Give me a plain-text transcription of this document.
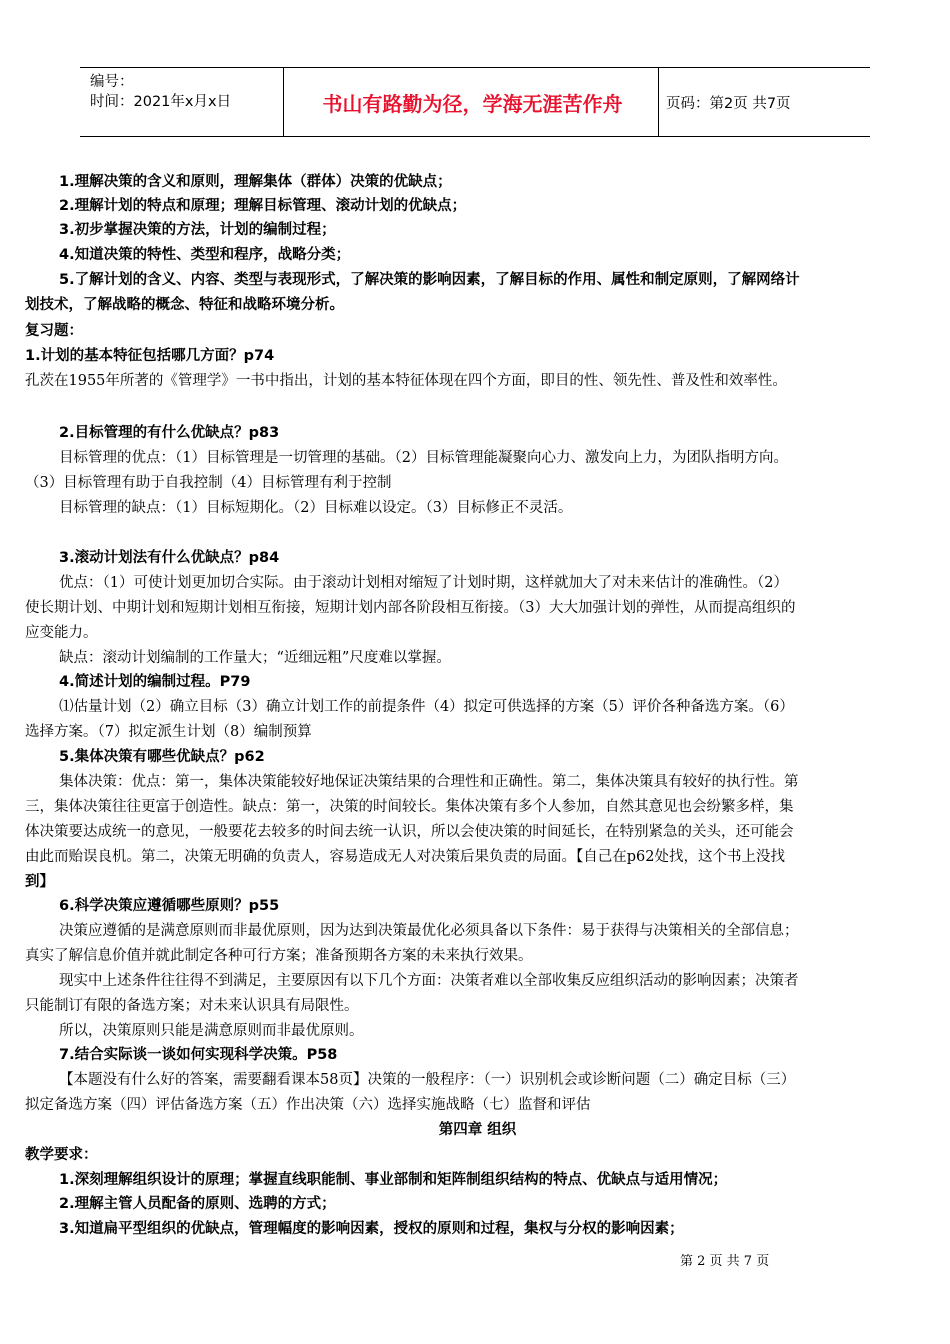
编号：
时间：2021年x月x日	书山有路勤为径，学海无涯苦作舟	页码：第2页 共7页
1.理解决策的含义和原则，理解集体（群体）决策的优缺点；
2.理解计划的特点和原理；理解目标管理、滚动计划的优缺点；
3.初步掌握决策的方法，计划的编制过程；
4.知道决策的特性、类型和程序，战略分类；
5.了解计划的含义、内容、类型与表现形式，了解决策的影响因素，了解目标的作用、属性和制定原则，了解网络计
划技术，了解战略的概念、特征和战略环境分析。
复习题：
1.计划的基本特征包括哪几方面？p74
孔茨在1955年所著的《管理学》一书中指出，计划的基本特征体现在四个方面，即目的性、领先性、普及性和效率性。
2.目标管理的有什么优缺点？p83
目标管理的优点：（1）目标管理是一切管理的基础。（2）目标管理能凝聚向心力、激发向上力，为团队指明方向。
（3）目标管理有助于自我控制（4）目标管理有利于控制
目标管理的缺点：（1）目标短期化。（2）目标难以设定。（3）目标修正不灵活。
3.滚动计划法有什么优缺点？p84
优点：（1）可使计划更加切合实际。由于滚动计划相对缩短了计划时期，这样就加大了对未来估计的准确性。（2）
使长期计划、中期计划和短期计划相互衔接，短期计划内部各阶段相互衔接。（3）大大加强计划的弹性，从而提高组织的
应变能力。
缺点：滚动计划编制的工作量大；“近细远粗”尺度难以掌握。
4.简述计划的编制过程。P79
⑴估量计划（2）确立目标（3）确立计划工作的前提条件（4）拟定可供选择的方案（5）评价各种备选方案。（6）
选择方案。（7）拟定派生计划（8）编制预算
5.集体决策有哪些优缺点？p62
集体决策：优点：第一，集体决策能较好地保证决策结果的合理性和正确性。第二，集体决策具有较好的执行性。第
三，集体决策往往更富于创造性。缺点：第一，决策的时间较长。集体决策有多个人参加，自然其意见也会纷繁多样，集
体决策要达成统一的意见，一般要花去较多的时间去统一认识，所以会使决策的时间延长，在特别紧急的关头，还可能会
由此而贻误良机。第二，决策无明确的负责人，容易造成无人对决策后果负责的局面。【自己在p62处找，这个书上没找
到】
6.科学决策应遵循哪些原则？p55
决策应遵循的是满意原则而非最优原则，因为达到决策最优化必须具备以下条件：易于获得与决策相关的全部信息；
真实了解信息价值并就此制定各种可行方案；准备预期各方案的未来执行效果。
现实中上述条件往往得不到满足，主要原因有以下几个方面：决策者难以全部收集反应组织活动的影响因素；决策者
只能制订有限的备选方案；对未来认识具有局限性。
所以，决策原则只能是满意原则而非最优原则。
7.结合实际谈一谈如何实现科学决策。P58
【本题没有什么好的答案，需要翻看课本58页】决策的一般程序：（一）识别机会或诊断问题（二）确定目标（三）
拟定备选方案（四）评估备选方案（五）作出决策（六）选择实施战略（七）监督和评估
第四章 组织
教学要求：
1.深刻理解组织设计的原理；掌握直线职能制、事业部制和矩阵制组织结构的特点、优缺点与适用情况；
2.理解主管人员配备的原则、选聘的方式；
3.知道扁平型组织的优缺点，管理幅度的影响因素，授权的原则和过程，集权与分权的影响因素；
第 2 页 共 7 页
